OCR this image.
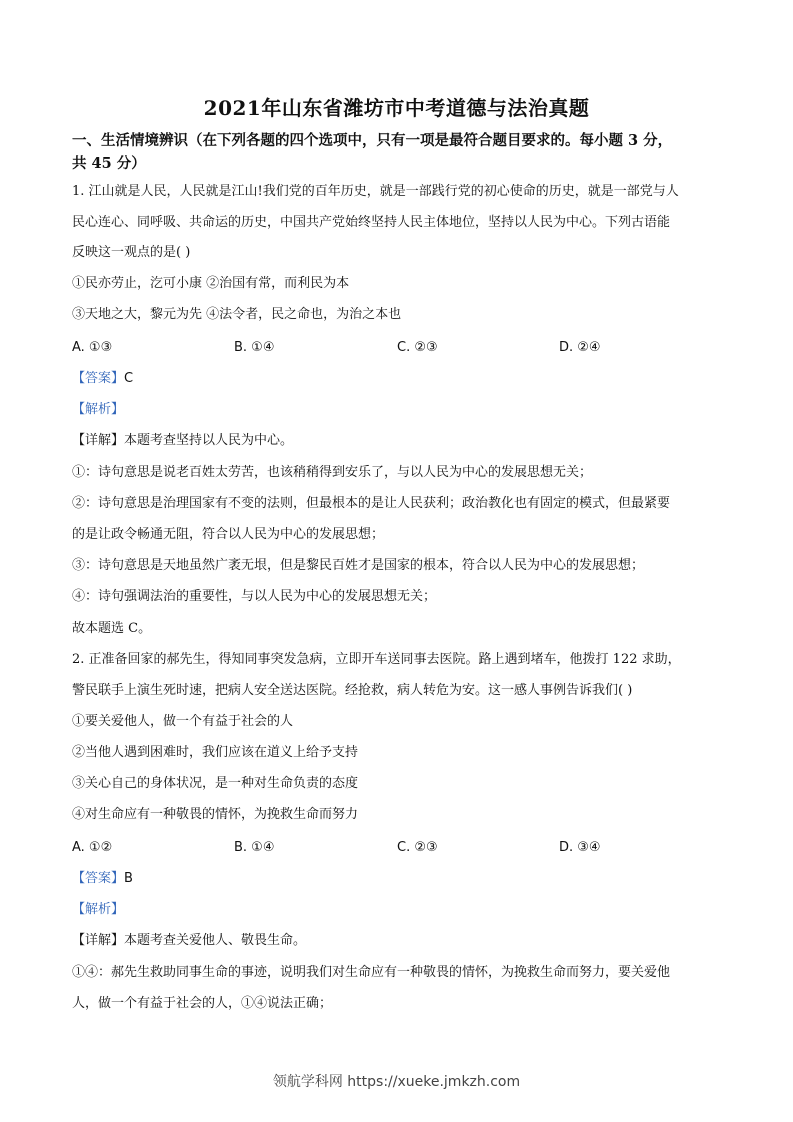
2021年山东省潍坊市中考道德与法治真题
一、生活情境辨识（在下列各题的四个选项中，只有一项是最符合题目要求的。每小题 3 分，
共 45 分）
1. 江山就是人民，人民就是江山!我们党的百年历史，就是一部践行党的初心使命的历史，就是一部党与人
民心连心、同呼吸、共命运的历史，中国共产党始终坚持人民主体地位，坚持以人民为中心。下列古语能
反映这一观点的是( )
①民亦劳止，汔可小康 ②治国有常，而利民为本
③天地之大，黎元为先 ④法令者，民之命也，为治之本也
A. ①③	B. ①④	C. ②③	D. ②④
【答案】C
【解析】
【详解】本题考查坚持以人民为中心。
①：诗句意思是说老百姓太劳苦，也该稍稍得到安乐了，与以人民为中心的发展思想无关；
②：诗句意思是治理国家有不变的法则，但最根本的是让人民获利；政治教化也有固定的模式，但最紧要
的是让政令畅通无阻，符合以人民为中心的发展思想；
③：诗句意思是天地虽然广袤无垠，但是黎民百姓才是国家的根本，符合以人民为中心的发展思想；
④：诗句强调法治的重要性，与以人民为中心的发展思想无关；
故本题选 C。
2. 正准备回家的郝先生，得知同事突发急病，立即开车送同事去医院。路上遇到堵车，他拨打 122 求助，
警民联手上演生死时速，把病人安全送达医院。经抢救，病人转危为安。这一感人事例告诉我们( )
①要关爱他人，做一个有益于社会的人
②当他人遇到困难时，我们应该在道义上给予支持
③关心自己的身体状况，是一种对生命负责的态度
④对生命应有一种敬畏的情怀，为挽救生命而努力
A. ①②	B. ①④	C. ②③	D. ③④
【答案】B
【解析】
【详解】本题考查关爱他人、敬畏生命。
①④：郝先生救助同事生命的事迹，说明我们对生命应有一种敬畏的情怀，为挽救生命而努力，要关爱他
人，做一个有益于社会的人，①④说法正确；
领航学科网 https://xueke.jmkzh.com
